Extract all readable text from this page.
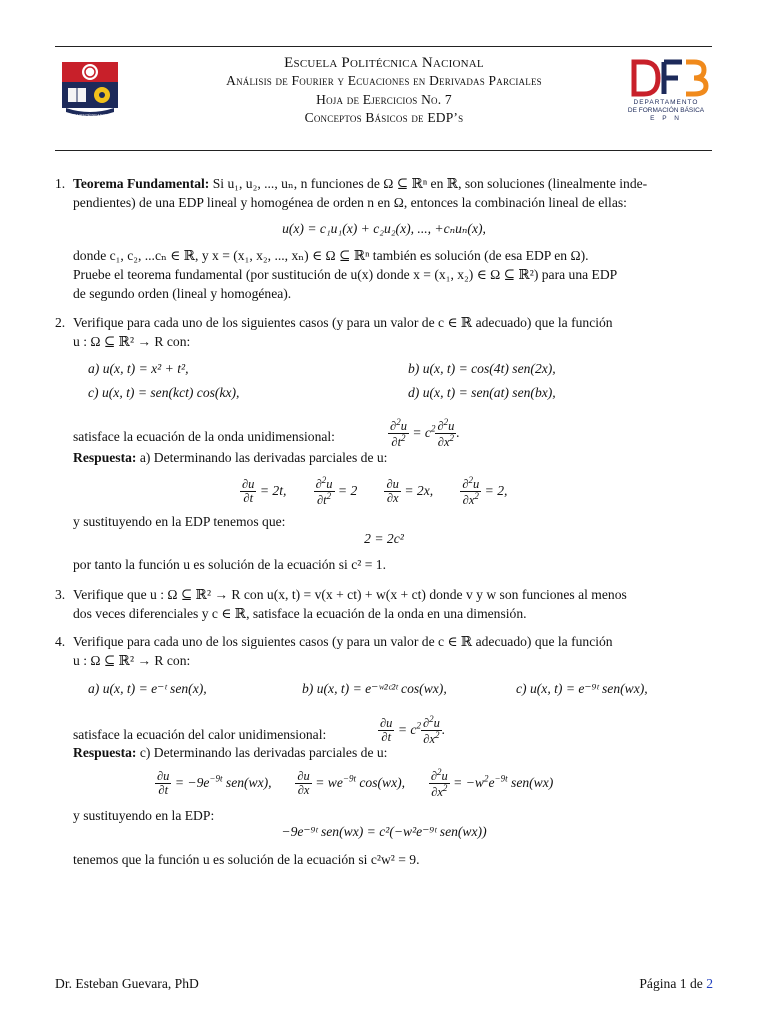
ESCUELA POLITÉCNICA NACIONAL
Escuela Politécnica Nacional
Análisis de Fourier y Ecuaciones en Derivadas Parciales
Hoja de Ejercicios No. 7
Conceptos Básicos de EDP’s
DEPARTAMENTO
DE FORMACIÓN BÁSICA
E P N
1. Teorema Fundamental: Si u₁, u₂, ..., uₙ, n funciones de Ω ⊆ ℝⁿ en ℝ, son soluciones (linealmente inde-
pendientes) de una EDP lineal y homogénea de orden n en Ω, entonces la combinación lineal de ellas:
u(x) = c₁u₁(x) + c₂u₂(x), ..., +cₙuₙ(x),
donde c₁, c₂, ...cₙ ∈ ℝ, y x = (x₁, x₂, ..., xₙ) ∈ Ω ⊆ ℝⁿ también es solución (de esa EDP en Ω).
Pruebe el teorema fundamental (por sustitución de u(x) donde x = (x₁, x₂) ∈ Ω ⊆ ℝ²) para una EDP
de segundo orden (lineal y homogénea).
2. Verifique para cada uno de los siguientes casos (y para un valor de c ∈ ℝ adecuado) que la función
u : Ω ⊆ ℝ² → R con:
a) u(x, t) = x² + t²,	b) u(x, t) = cos(4t) sen(2x),
c) u(x, t) = sen(kct) cos(kx),	d) u(x, t) = sen(at) sen(bx),
satisface la ecuación de la onda unidimensional:	$\frac{\partial^2u}{\partial t^2} = c^2 \frac{\partial^2u}{\partial x^2}$ .
Respuesta: a) Determinando las derivadas parciales de u:
$\frac{\partial u}{\partial t} = 2t$, $\frac{\partial^2u}{\partial t^2} = 2 \frac{\partial u}{\partial x} = 2x$, $\frac{\partial^2u}{\partial x^2} = 2$,
y sustituyendo en la EDP tenemos que:
2 = 2c²
por tanto la función u es solución de la ecuación si c² = 1.
3. Verifique que u : Ω ⊆ ℝ² → R con u(x, t) = v(x + ct) + w(x + ct) donde v y w son funciones al menos
dos veces diferenciales y c ∈ ℝ, satisface la ecuación de la onda en una dimensión.
4. Verifique para cada uno de los siguientes casos (y para un valor de c ∈ ℝ adecuado) que la función
u : Ω ⊆ ℝ² → R con:
a) u(x, t) = e⁻ᵗ sen(x),	b) u(x, t) = e⁻ʷ²ᶜ²ᵗ cos(wx),	c) u(x, t) = e⁻⁹ᵗ sen(wx),
satisface la ecuación del calor unidimensional:	$\frac{\partial u}{\partial t} = c^2 \frac{\partial^2u}{\partial x^2}$ .
Respuesta: c) Determinando las derivadas parciales de u:
$\frac{\partial u}{\partial t} = -9e^{-9t}$ sen(wx), $\frac{\partial u}{\partial x} = we^{-9t}$ cos(wx), $\frac{\partial^2u}{\partial x^2} = -w^2e^{-9t}$ sen(wx)
y sustituyendo en la EDP:
−9e⁻⁹ᵗ sen(wx) = c²(−w²e⁻⁹ᵗ sen(wx))
tenemos que la función u es solución de la ecuación si c²w² = 9.
Dr. Esteban Guevara, PhD	Página 1 de 2
